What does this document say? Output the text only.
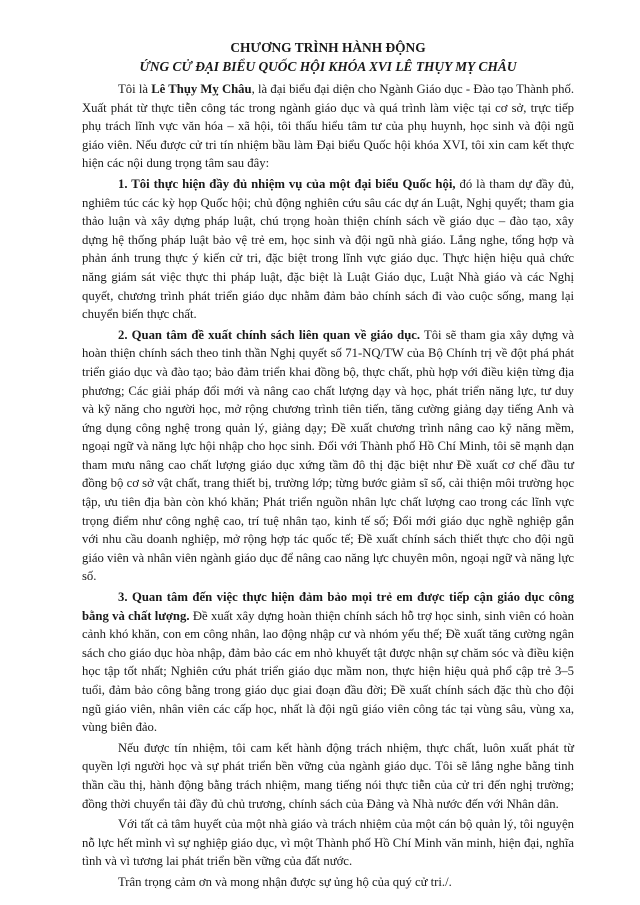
CHƯƠNG TRÌNH HÀNH ĐỘNG
ỨNG CỬ ĐẠI BIỂU QUỐC HỘI KHÓA XVI LÊ THỤY MỴ CHÂU

Tôi là Lê Thụy Mỵ Châu, là đại biểu đại diện cho Ngành Giáo dục - Đào tạo Thành phố. Xuất phát từ thực tiễn công tác trong ngành giáo dục và quá trình làm việc tại cơ sở, trực tiếp phụ trách lĩnh vực văn hóa – xã hội, tôi thấu hiểu tâm tư của phụ huynh, học sinh và đội ngũ giáo viên. Nếu được cử tri tín nhiệm bầu làm Đại biểu Quốc hội khóa XVI, tôi xin cam kết thực hiện các nội dung trọng tâm sau đây:

1. Tôi thực hiện đầy đủ nhiệm vụ của một đại biểu Quốc hội, đó là tham dự đầy đủ, nghiêm túc các kỳ họp Quốc hội; chủ động nghiên cứu sâu các dự án Luật, Nghị quyết; tham gia thảo luận và xây dựng pháp luật, chú trọng hoàn thiện chính sách về giáo dục – đào tạo, xây dựng hệ thống pháp luật bảo vệ trẻ em, học sinh và đội ngũ nhà giáo. Lắng nghe, tổng hợp và phản ánh trung thực ý kiến cử tri, đặc biệt trong lĩnh vực giáo dục. Thực hiện hiệu quả chức năng giám sát việc thực thi pháp luật, đặc biệt là Luật Giáo dục, Luật Nhà giáo và các Nghị quyết, chương trình phát triển giáo dục nhằm đảm bảo chính sách đi vào cuộc sống, mang lại chuyển biến thực chất.

2. Quan tâm đề xuất chính sách liên quan về giáo dục. Tôi sẽ tham gia xây dựng và hoàn thiện chính sách theo tinh thần Nghị quyết số 71-NQ/TW của Bộ Chính trị về đột phá phát triển giáo dục và đào tạo; bảo đảm triển khai đồng bộ, thực chất, phù hợp với điều kiện từng địa phương; Các giải pháp đổi mới và nâng cao chất lượng dạy và học, phát triển năng lực, tư duy và kỹ năng cho người học, mở rộng chương trình tiên tiến, tăng cường giảng dạy tiếng Anh và ứng dụng công nghệ trong quản lý, giảng dạy; Đề xuất chương trình nâng cao kỹ năng mềm, ngoại ngữ và năng lực hội nhập cho học sinh. Đối với Thành phố Hồ Chí Minh, tôi sẽ mạnh dạn tham mưu nâng cao chất lượng giáo dục xứng tầm đô thị đặc biệt như Đề xuất cơ chế đầu tư đồng bộ cơ sở vật chất, trang thiết bị, trường lớp; từng bước giảm sĩ số, cải thiện môi trường học tập, ưu tiên địa bàn còn khó khăn; Phát triển nguồn nhân lực chất lượng cao trong các lĩnh vực trọng điểm như công nghệ cao, trí tuệ nhân tạo, kinh tế số; Đổi mới giáo dục nghề nghiệp gắn với nhu cầu doanh nghiệp, mở rộng hợp tác quốc tế; Đề xuất chính sách thiết thực cho đội ngũ giáo viên và nhân viên ngành giáo dục để nâng cao năng lực chuyên môn, ngoại ngữ và năng lực số.

3. Quan tâm đến việc thực hiện đảm bảo mọi trẻ em được tiếp cận giáo dục công bằng và chất lượng. Đề xuất xây dựng hoàn thiện chính sách hỗ trợ học sinh, sinh viên có hoàn cảnh khó khăn, con em công nhân, lao động nhập cư và nhóm yếu thế; Đề xuất tăng cường ngân sách cho giáo dục hòa nhập, đảm bảo các em nhỏ khuyết tật được nhận sự chăm sóc và điều kiện học tập tốt nhất; Nghiên cứu phát triển giáo dục mầm non, thực hiện hiệu quả phổ cập trẻ 3–5 tuổi, đảm bảo công bằng trong giáo dục giai đoạn đầu đời; Đề xuất chính sách đặc thù cho đội ngũ giáo viên, nhân viên các cấp học, nhất là đội ngũ giáo viên công tác tại vùng sâu, vùng xa, vùng biên đảo.

Nếu được tín nhiệm, tôi cam kết hành động trách nhiệm, thực chất, luôn xuất phát từ quyền lợi người học và sự phát triển bền vững của ngành giáo dục. Tôi sẽ lắng nghe bằng tinh thần cầu thị, hành động bằng trách nhiệm, mang tiếng nói thực tiễn của cử tri đến nghị trường; đồng thời chuyển tải đầy đủ chủ trương, chính sách của Đảng và Nhà nước đến với Nhân dân.

Với tất cả tâm huyết của một nhà giáo và trách nhiệm của một cán bộ quản lý, tôi nguyện nỗ lực hết mình vì sự nghiệp giáo dục, vì một Thành phố Hồ Chí Minh văn minh, hiện đại, nghĩa tình và vì tương lai phát triển bền vững của đất nước.

Trân trọng cảm ơn và mong nhận được sự ủng hộ của quý cử tri./.
